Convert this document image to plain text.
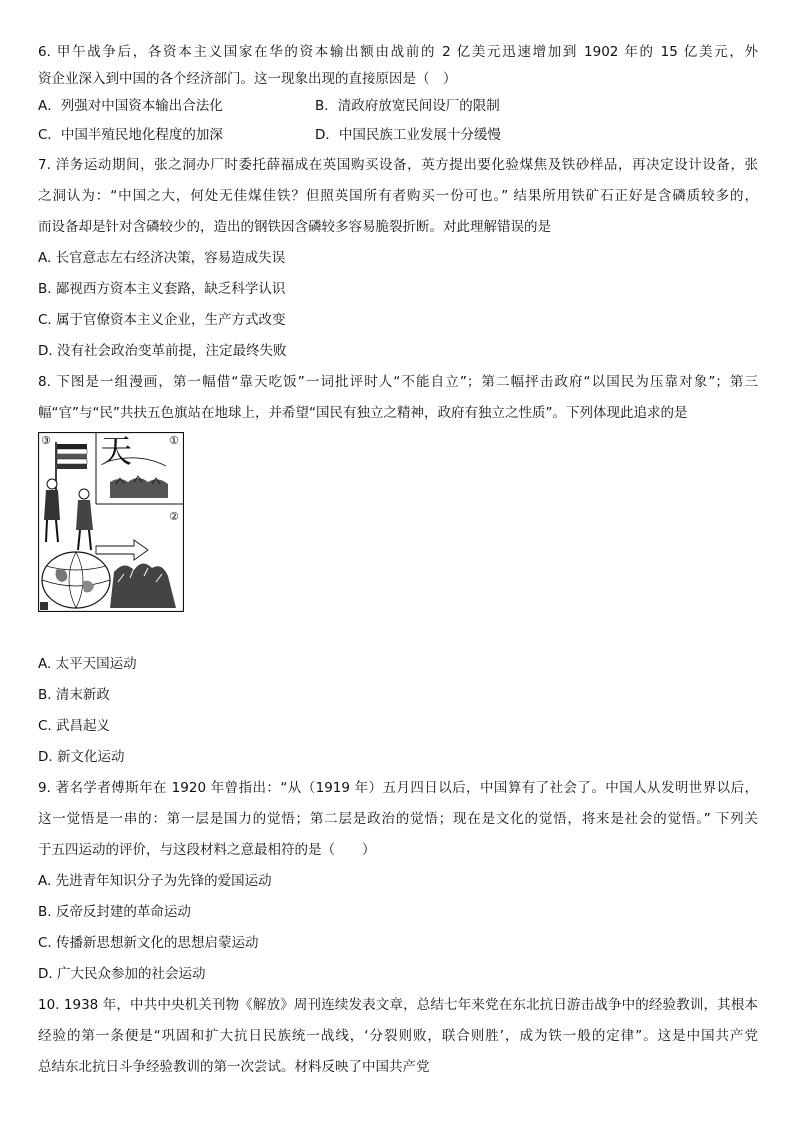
6. 甲午战争后，各资本主义国家在华的资本输出额由战前的 2 亿美元迅速增加到 1902 年的 15 亿美元，外
资企业深入到中国的各个经济部门。这一现象出现的直接原因是（　）
A．列强对中国资本输出合法化	B．清政府放宽民间设厂的限制
C．中国半殖民地化程度的加深	D．中国民族工业发展十分缓慢
7. 洋务运动期间，张之洞办厂时委托薛福成在英国购买设备，英方提出要化验煤焦及铁砂样品，再决定设计设备，张
之洞认为：“中国之大，何处无佳煤佳铁？但照英国所有者购买一份可也。” 结果所用铁矿石正好是含磷质较多的，
而设备却是针对含磷较少的，造出的钢铁因含磷较多容易脆裂折断。对此理解错误的是
A. 长官意志左右经济决策，容易造成失误
B. 鄙视西方资本主义套路，缺乏科学认识
C. 属于官僚资本主义企业，生产方式改变
D. 没有社会政治变革前提，注定最终失败
8. 下图是一组漫画，第一幅借“靠天吃饭”一词批评时人“不能自立”；第二幅抨击政府“以国民为压靠对象”；第三
幅“官”与“民”共扶五色旗站在地球上，并希望“国民有独立之精神，政府有独立之性质”。下列体现此追求的是
天
③	①
②
A. 太平天国运动
B. 清末新政
C. 武昌起义
D. 新文化运动
9. 著名学者傅斯年在 1920 年曾指出：“从（1919 年）五月四日以后，中国算有了社会了。中国人从发明世界以后，
这一觉悟是一串的：第一层是国力的觉悟；第二层是政治的觉悟；现在是文化的觉悟，将来是社会的觉悟。” 下列关
于五四运动的评价，与这段材料之意最相符的是（　　）
A. 先进青年知识分子为先锋的爱国运动
B. 反帝反封建的革命运动
C. 传播新思想新文化的思想启蒙运动
D. 广大民众参加的社会运动
10. 1938 年，中共中央机关刊物《解放》周刊连续发表文章，总结七年来党在东北抗日游击战争中的经验教训，其根本
经验的第一条便是“巩固和扩大抗日民族统一战线，‘分裂则败，联合则胜’，成为铁一般的定律”。这是中国共产党
总结东北抗日斗争经验教训的第一次尝试。材料反映了中国共产党
